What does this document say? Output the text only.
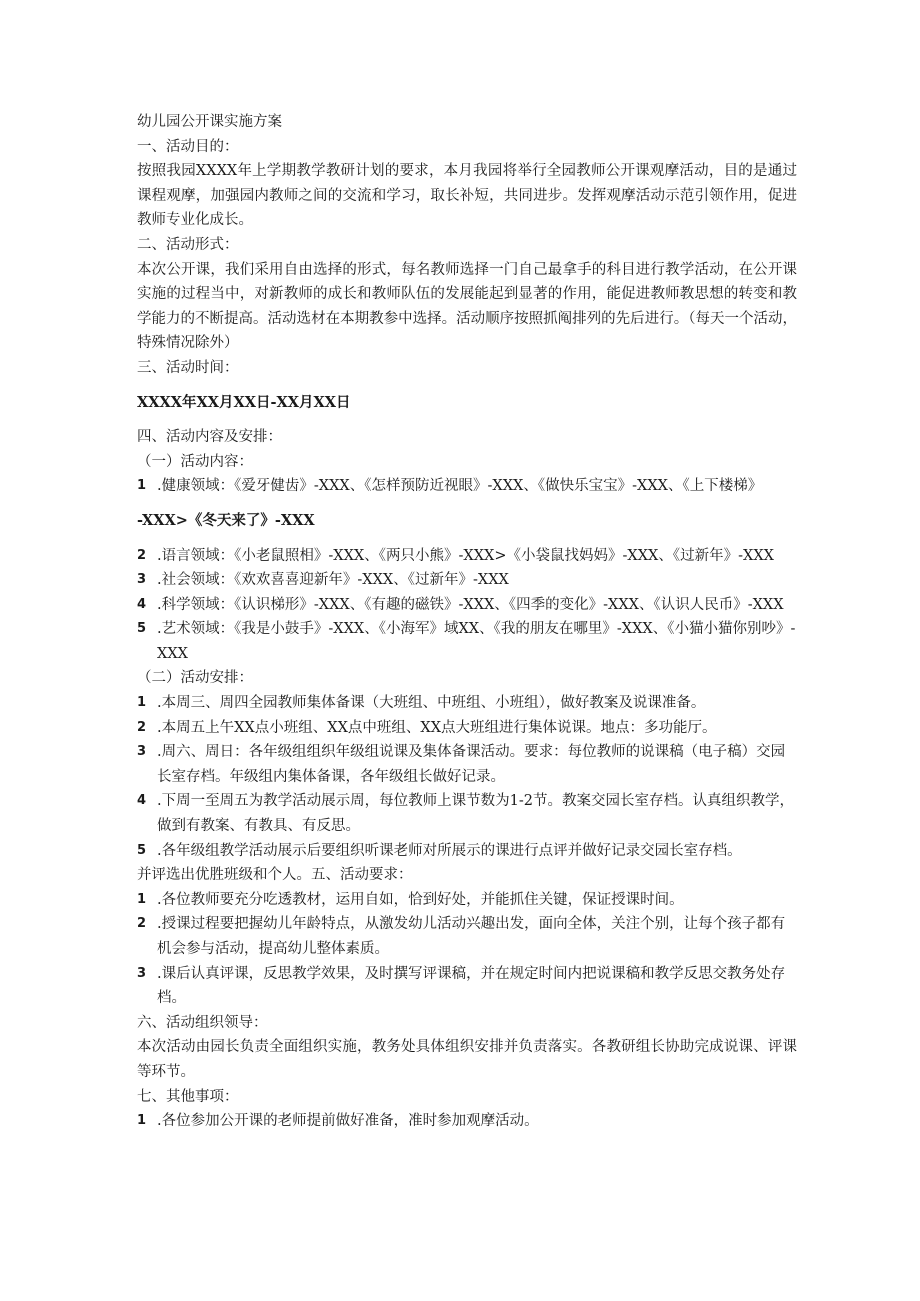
幼儿园公开课实施方案
一、活动目的：
按照我园XXXX年上学期教学教研计划的要求，本月我园将举行全园教师公开课观摩活动，目的是通过课程观摩，加强园内教师之间的交流和学习，取长补短，共同进步。发挥观摩活动示范引领作用，促进教师专业化成长。
二、活动形式：
本次公开课，我们采用自由选择的形式，每名教师选择一门自己最拿手的科目进行教学活动，在公开课实施的过程当中，对新教师的成长和教师队伍的发展能起到显著的作用，能促进教师教思想的转变和教学能力的不断提高。活动选材在本期教参中选择。活动顺序按照抓阄排列的先后进行。（每天一个活动，特殊情况除外）
三、活动时间：
XXXX年XX月XX日-XX月XX日
四、活动内容及安排：
（一）活动内容：
1 .健康领域：《爱牙健齿》-XXX、《怎样预防近视眼》-XXX、《做快乐宝宝》-XXX、《上下楼梯》
-XXX>《冬天来了》-XXX
2 .语言领域：《小老鼠照相》-XXX、《两只小熊》-XXX>《小袋鼠找妈妈》-XXX、《过新年》-XXX
3 .社会领域：《欢欢喜喜迎新年》-XXX、《过新年》-XXX
4 .科学领域：《认识梯形》-XXX、《有趣的磁铁》-XXX、《四季的变化》-XXX、《认识人民币》-XXX
5 .艺术领域：《我是小鼓手》-XXX、《小海军》域XX、《我的朋友在哪里》-XXX、《小猫小猫你别吵》-XXX
（二）活动安排：
1 .本周三、周四全园教师集体备课（大班组、中班组、小班组），做好教案及说课准备。
2 .本周五上午XX点小班组、XX点中班组、XX点大班组进行集体说课。地点：多功能厅。
3 .周六、周日：各年级组组织年级组说课及集体备课活动。要求：每位教师的说课稿（电子稿）交园长室存档。年级组内集体备课，各年级组长做好记录。
4 .下周一至周五为教学活动展示周，每位教师上课节数为1-2节。教案交园长室存档。认真组织教学，做到有教案、有教具、有反思。
5 .各年级组教学活动展示后要组织听课老师对所展示的课进行点评并做好记录交园长室存档。
并评选出优胜班级和个人。五、活动要求：
1 .各位教师要充分吃透教材，运用自如，恰到好处，并能抓住关键，保证授课时间。
2 .授课过程要把握幼儿年龄特点，从激发幼儿活动兴趣出发，面向全体，关注个别，让每个孩子都有机会参与活动，提高幼儿整体素质。
3 .课后认真评课，反思教学效果，及时撰写评课稿，并在规定时间内把说课稿和教学反思交教务处存档。
六、活动组织领导：
本次活动由园长负责全面组织实施，教务处具体组织安排并负责落实。各教研组长协助完成说课、评课等环节。
七、其他事项：
1 .各位参加公开课的老师提前做好准备，准时参加观摩活动。
